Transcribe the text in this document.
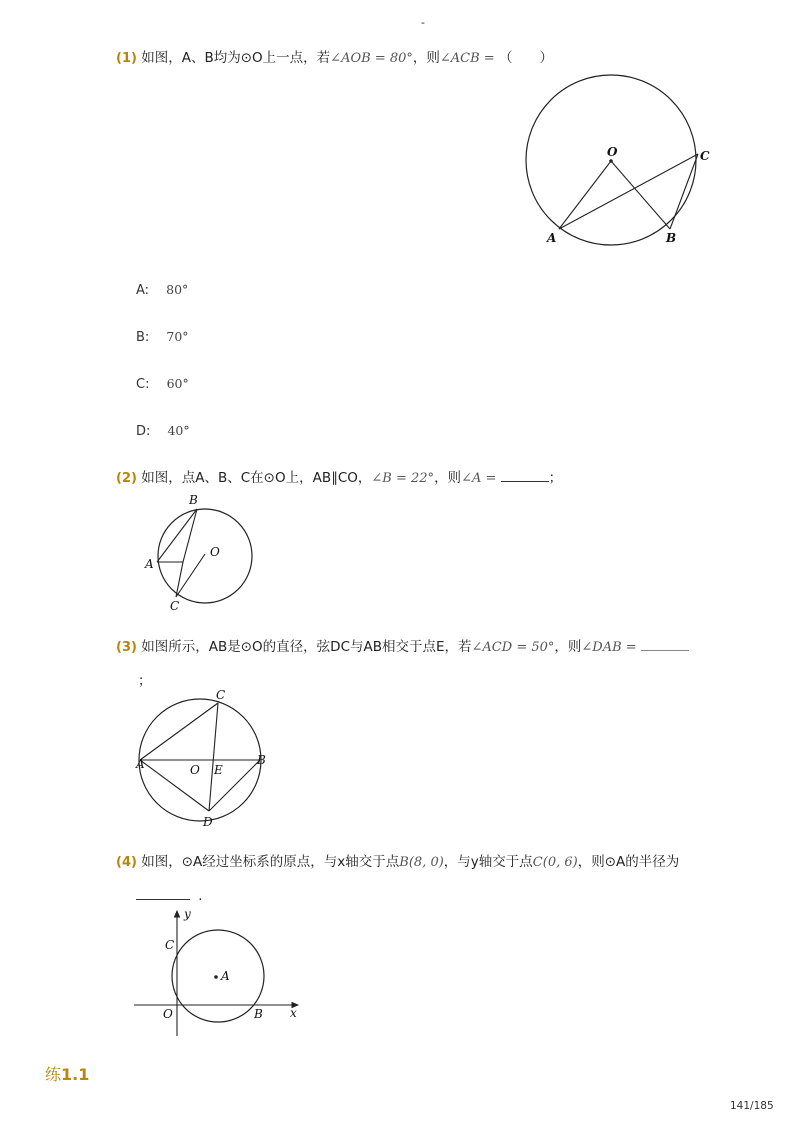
-
(1) 如图，A、B均为⊙O上一点，若∠AOB = 80°，则∠ACB = （　　）
O
A	B
C
A: 80°
B: 70°
C: 60°
D: 40°
(2) 如图，点A、B、C在⊙O上，AB∥CO，∠B = 22°，则∠A =	；
B
A
O
C
(3) 如图所示，AB是⊙O的直径，弦DC与AB相交于点E，若∠ACD = 50°，则∠DAB =
；
C
A	O E
B
D
(4) 如图，⊙A经过坐标系的原点，与x轴交于点B(8, 0)，与y轴交于点C(0, 6)，则⊙A的半径为
.
y
x
C
A
O	B
练1.1
141/185
